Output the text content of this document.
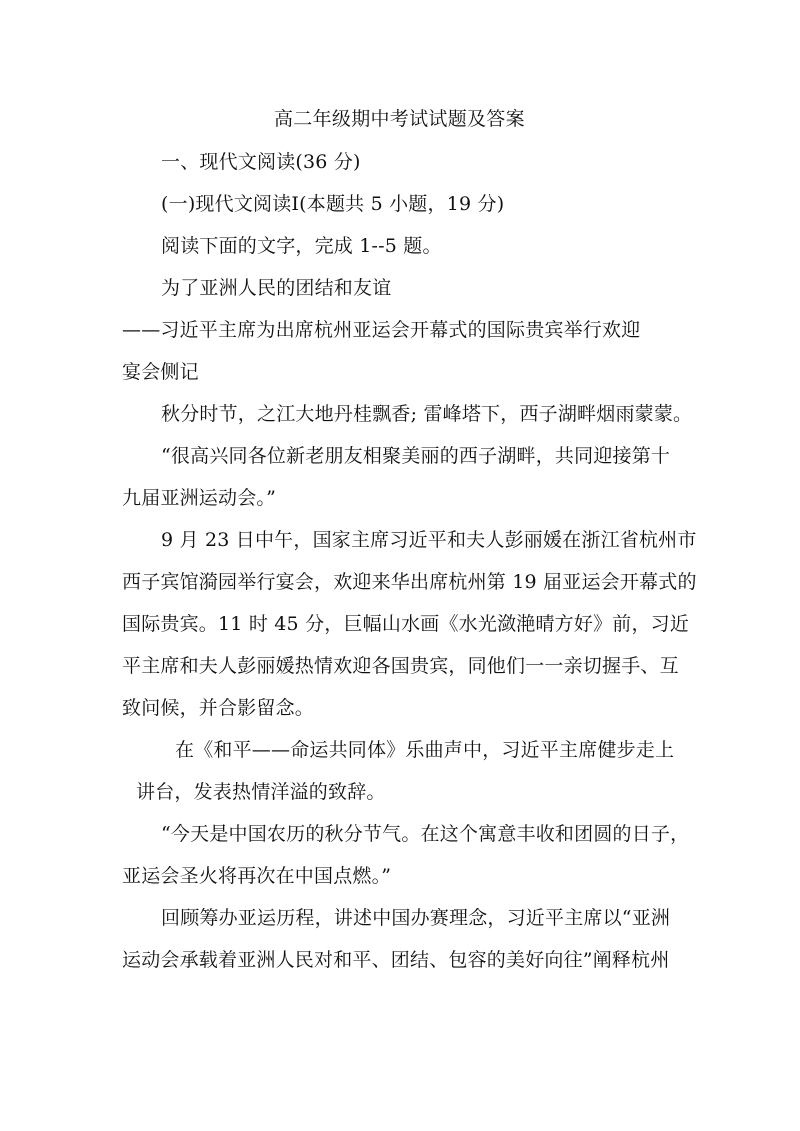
高二年级期中考试试题及答案
一、现代文阅读(36 分)
(一)现代文阅读Ⅰ(本题共 5 小题，19 分)
阅读下面的文字，完成 1--5 题。
为了亚洲人民的团结和友谊
——习近平主席为出席杭州亚运会开幕式的国际贵宾举行欢迎
宴会侧记
秋分时节，之江大地丹桂飘香; 雷峰塔下，西子湖畔烟雨蒙蒙。
“很高兴同各位新老朋友相聚美丽的西子湖畔，共同迎接第十
九届亚洲运动会。”
9 月 23 日中午，国家主席习近平和夫人彭丽媛在浙江省杭州市
西子宾馆漪园举行宴会，欢迎来华出席杭州第 19 届亚运会开幕式的
国际贵宾。11 时 45 分，巨幅山水画《水光潋滟晴方好》前，习近
平主席和夫人彭丽媛热情欢迎各国贵宾，同他们一一亲切握手、互
致问候，并合影留念。
在《和平——命运共同体》乐曲声中，习近平主席健步走上
讲台，发表热情洋溢的致辞。
“今天是中国农历的秋分节气。在这个寓意丰收和团圆的日子，
亚运会圣火将再次在中国点燃。”
回顾筹办亚运历程，讲述中国办赛理念，习近平主席以“亚洲
运动会承载着亚洲人民对和平、团结、包容的美好向往”阐释杭州
